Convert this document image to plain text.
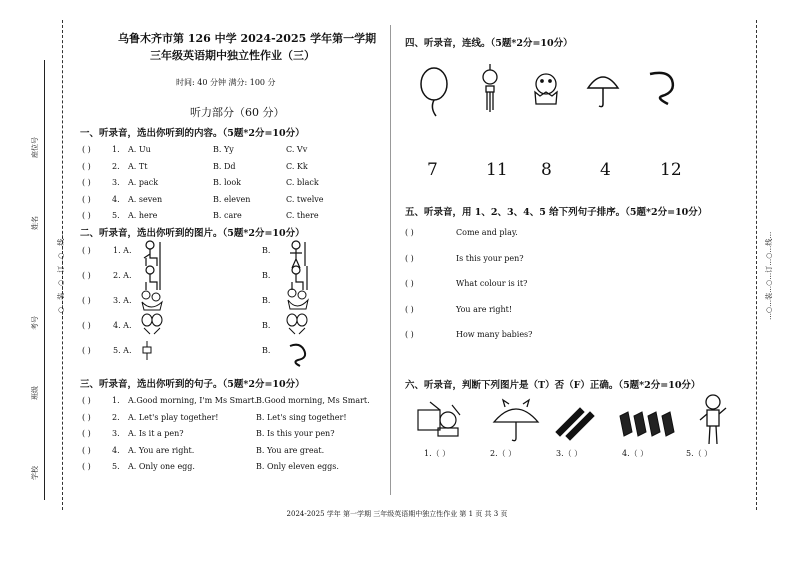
座位号
姓名
考号
班级
学校
…○…装…○…订…○…线…	…○…装…○…订…○…线…
乌鲁木齐市第 126 中学 2024-2025 学年第一学期
三年级英语期中独立性作业（三）
时间: 40 分钟 满分: 100 分
听力部分（60 分）
一、听录音，选出你听到的内容。（5题*2分=10分）
( )	1. A. Uu	B. Yy	C. Vv
( )	2. A. Tt	B. Dd	C. Kk
( )	3. A. pack	B. look	C. black
( )	4. A. seven	B. eleven	C. twelve
( )	5. A. here	B. care	C. there
二、听录音，选出你听到的图片。（5题*2分=10分）
( )	1. A.	B.
( )	2. A.	B.
( )	3. A.	B.
( )	4. A.	B.
( )	5. A.	B.
三、听录音，选出你听到的句子。（5题*2分=10分）
( )	1. A.Good morning, I'm Ms Smart.
B.Good morning, Ms Smart.
( )	2. A. Let's play together!	B. Let's sing together!
( )	3. A. Is it a pen?	B. Is this your pen?
( )	4. A. You are right.	B. You are great.
( )	5. A. Only one egg.	B. Only eleven eggs.
四、听录音，连线。（5题*2分=10分）
7	11 8	4	12
五、听录音，用 1、2、3、4、5 给下列句子排序。（5题*2分=10分）
( )	Come and play.
( )	Is this your pen?
( )	What colour is it?
( )	You are right!
( )	How many babies?
六、听录音，判断下列图片是（T）否（F）正确。（5题*2分=10分）
1.（ ）	2.（ ）	3.（ ）	4.（ ）	5.（ ）
2024-2025 学年 第一学期 三年级英语期中独立性作业 第 1 页 共 3 页
